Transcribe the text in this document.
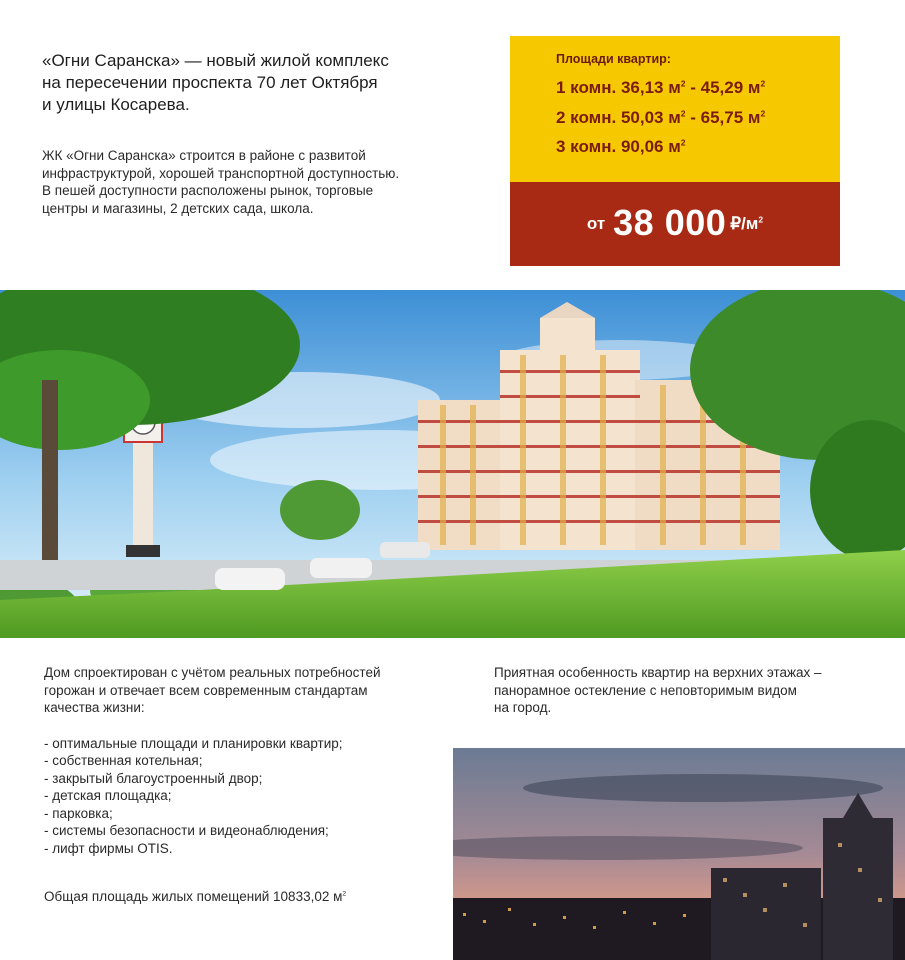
«Огни Саранска» — новый жилой комплекс
на пересечении проспекта 70 лет Октября
и улицы Косарева.
ЖК «Огни Саранска» строится в районе с развитой
инфраструктурой, хорошей транспортной доступностью.
В пешей доступности расположены рынок, торговые
центры и магазины, 2 детских сада, школа.
Площади квартир:
1 комн. 36,13 $м^2 - 45,29$ $м^2$
2 комн. 50,03 $м^2 - 65,75$ $м^2$
3 комн. 90,06 $м^2$
от 38 000 $₽/м^2$
Дом спроектирован с учётом реальных потребностей
горожан и отвечает всем современным стандартам
качества жизни:
- оптимальные площади и планировки квартир;
- собственная котельная;
- закрытый благоустроенный двор;
- детская площадка;
- парковка;
- системы безопасности и видеонаблюдения;
- лифт фирмы OTIS.
Общая площадь жилых помещений 10833,02 $м^2$
Приятная особенность квартир на верхних этажах –
панорамное остекление с неповторимым видом
на город.
